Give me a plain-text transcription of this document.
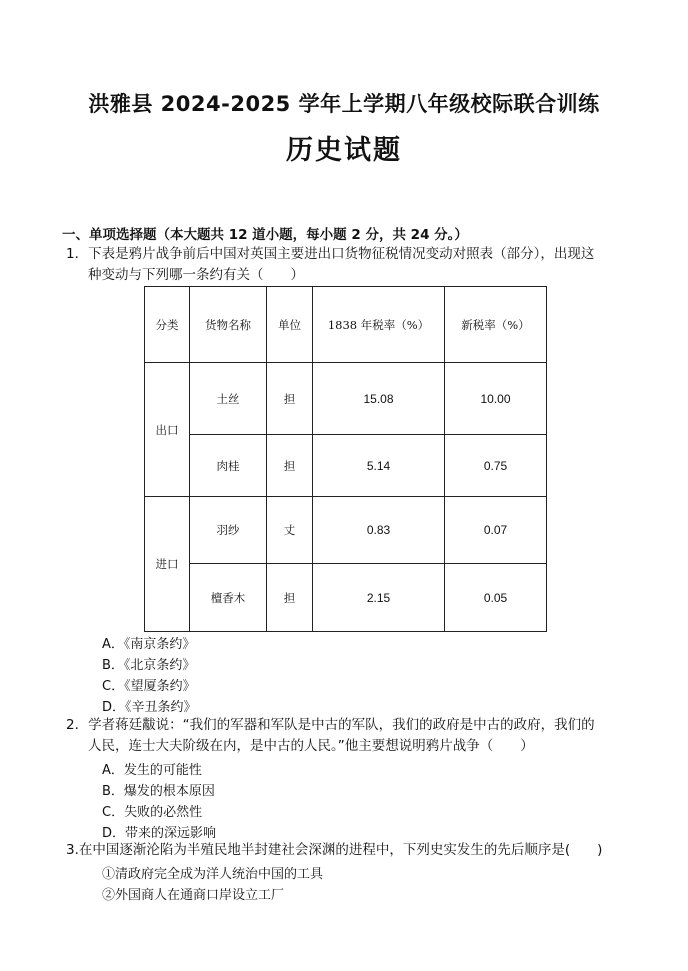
洪雅县 2024-2025 学年上学期八年级校际联合训练
历史试题
一、单项选择题（本大题共 12 道小题，每小题 2 分，共 24 分。）
1．下表是鸦片战争前后中国对英国主要进出口货物征税情况变动对照表（部分），出现这
种变动与下列哪一条约有关（　　）
分类	货物名称	单位	1838 年税率（%）	新税率（%）
出口	土丝	担	15.08	10.00
	肉桂	担	5.14	0.75
进口	羽纱	丈	0.83	0.07
	檀香木	担	2.15	0.05
A．《南京条约》
B．《北京条约》
C．《望厦条约》
D．《辛丑条约》
2．学者蒋廷黻说：“我们的军器和军队是中古的军队，我们的政府是中古的政府，我们的
人民，连士大夫阶级在内，是中古的人民。”他主要想说明鸦片战争（　　）
A．发生的可能性
B．爆发的根本原因
C．失败的必然性
D．带来的深远影响
3.在中国逐渐沦陷为半殖民地半封建社会深渊的进程中，下列史实发生的先后顺序是(　　)
①清政府完全成为洋人统治中国的工具
②外国商人在通商口岸设立工厂
